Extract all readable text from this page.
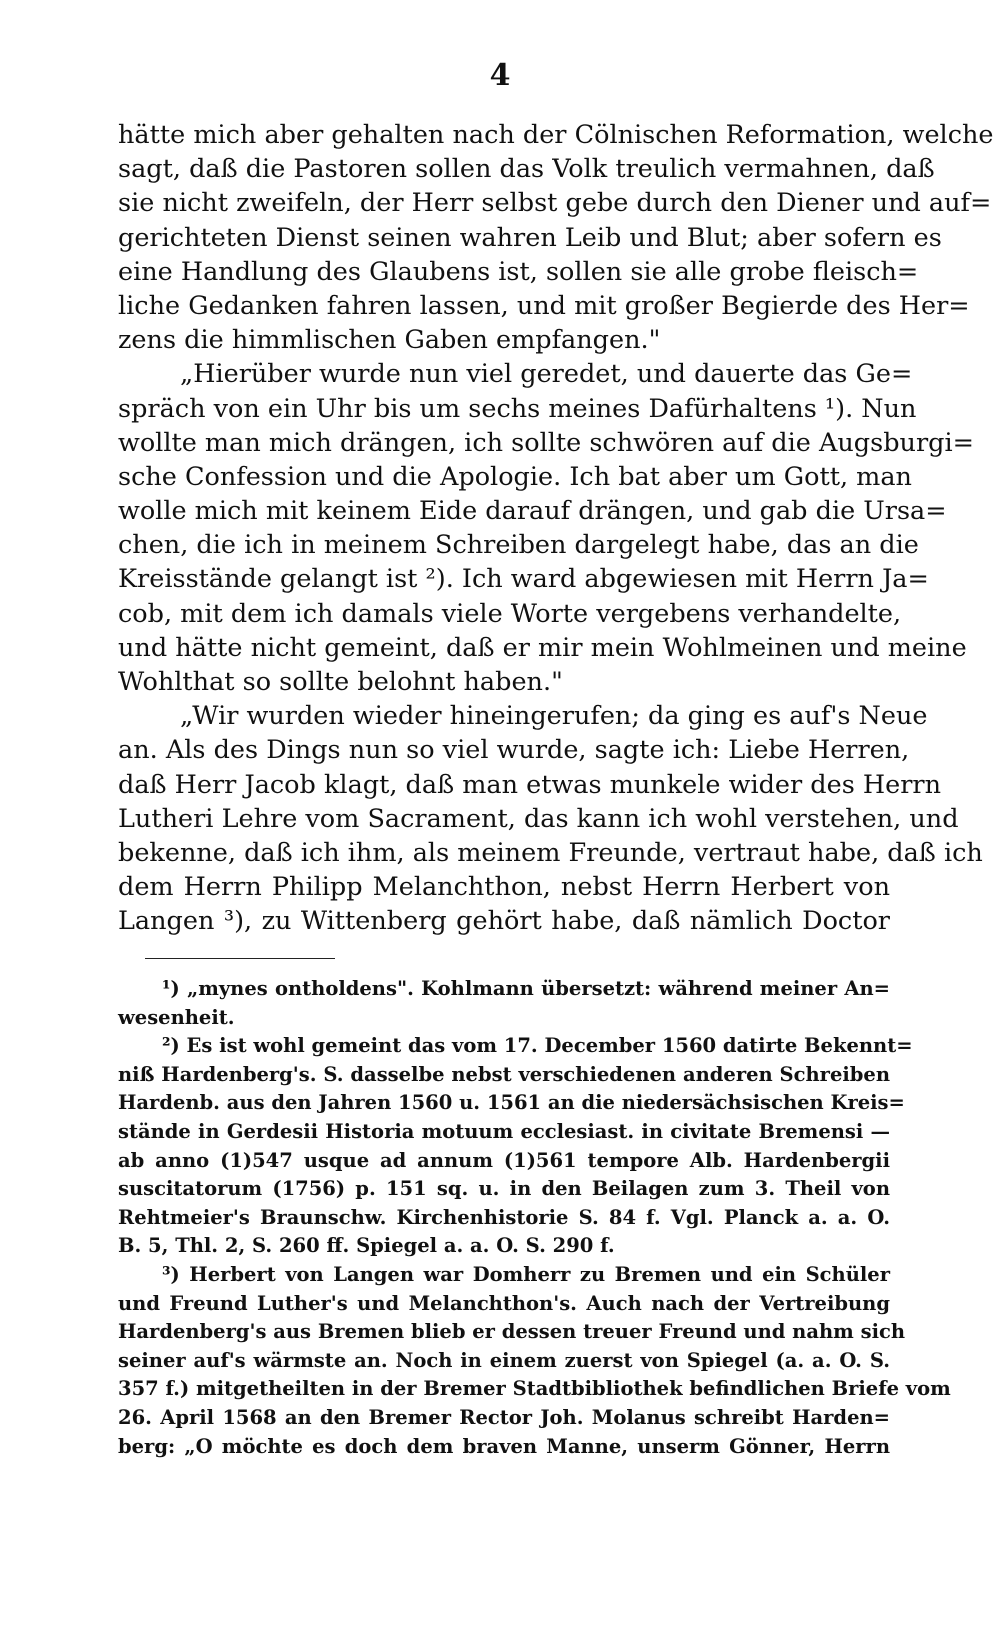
4
hätte mich aber gehalten nach der Cölnischen Reformation, welche
sagt, daß die Pastoren sollen das Volk treulich vermahnen, daß
sie nicht zweifeln, der Herr selbst gebe durch den Diener und auf=
gerichteten Dienst seinen wahren Leib und Blut; aber sofern es
eine Handlung des Glaubens ist, sollen sie alle grobe fleisch=
liche Gedanken fahren lassen, und mit großer Begierde des Her=
zens die himmlischen Gaben empfangen."
„Hierüber wurde nun viel geredet, und dauerte das Ge=
spräch von ein Uhr bis um sechs meines Dafürhaltens ¹). Nun
wollte man mich drängen, ich sollte schwören auf die Augsburgi=
sche Confession und die Apologie. Ich bat aber um Gott, man
wolle mich mit keinem Eide darauf drängen, und gab die Ursa=
chen, die ich in meinem Schreiben dargelegt habe, das an die
Kreisstände gelangt ist ²). Ich ward abgewiesen mit Herrn Ja=
cob, mit dem ich damals viele Worte vergebens verhandelte,
und hätte nicht gemeint, daß er mir mein Wohlmeinen und meine
Wohlthat so sollte belohnt haben."
„Wir wurden wieder hineingerufen; da ging es auf's Neue
an. Als des Dings nun so viel wurde, sagte ich: Liebe Herren,
daß Herr Jacob klagt, daß man etwas munkele wider des Herrn
Lutheri Lehre vom Sacrament, das kann ich wohl verstehen, und
bekenne, daß ich ihm, als meinem Freunde, vertraut habe, daß ich
dem Herrn Philipp Melanchthon, nebst Herrn Herbert von
Langen ³), zu Wittenberg gehört habe, daß nämlich Doctor
¹) „mynes ontholdens". Kohlmann übersetzt: während meiner An=
wesenheit.
²) Es ist wohl gemeint das vom 17. December 1560 datirte Bekennt=
niß Hardenberg's. S. dasselbe nebst verschiedenen anderen Schreiben
Hardenb. aus den Jahren 1560 u. 1561 an die niedersächsischen Kreis=
stände in Gerdesii Historia motuum ecclesiast. in civitate Bremensi —
ab anno (1)547 usque ad annum (1)561 tempore Alb. Hardenbergii
suscitatorum (1756) p. 151 sq. u. in den Beilagen zum 3. Theil von
Rehtmeier's Braunschw. Kirchenhistorie S. 84 f. Vgl. Planck a. a. O.
B. 5, Thl. 2, S. 260 ff. Spiegel a. a. O. S. 290 f.
³) Herbert von Langen war Domherr zu Bremen und ein Schüler
und Freund Luther's und Melanchthon's. Auch nach der Vertreibung
Hardenberg's aus Bremen blieb er dessen treuer Freund und nahm sich
seiner auf's wärmste an. Noch in einem zuerst von Spiegel (a. a. O. S.
357 f.) mitgetheilten in der Bremer Stadtbibliothek befindlichen Briefe vom
26. April 1568 an den Bremer Rector Joh. Molanus schreibt Harden=
berg: „O möchte es doch dem braven Manne, unserm Gönner, Herrn
